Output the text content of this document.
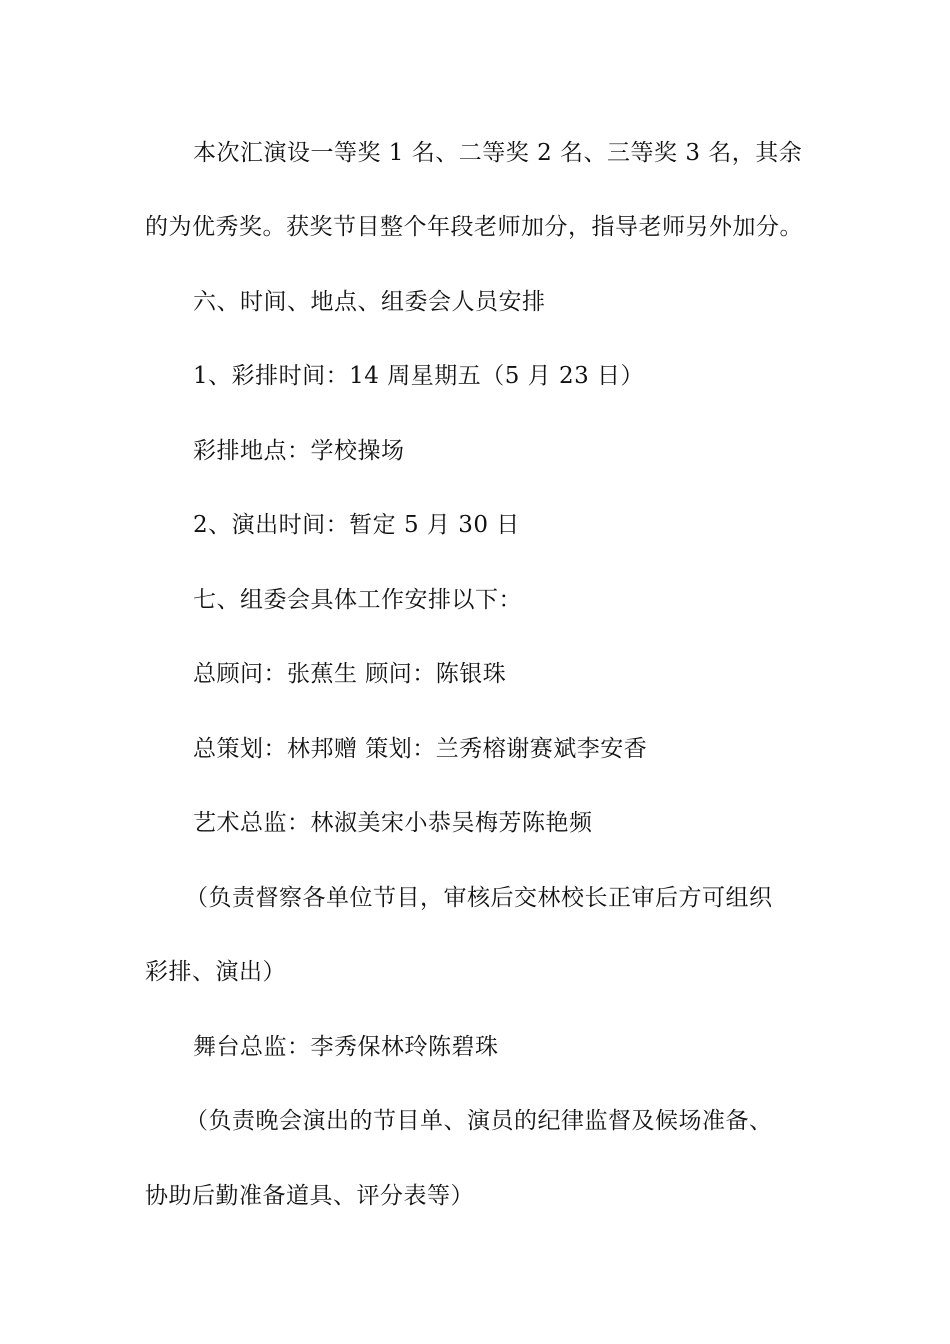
本次汇演设一等奖 1 名、二等奖 2 名、三等奖 3 名，其余
的为优秀奖。获奖节目整个年段老师加分，指导老师另外加分。
六、时间、地点、组委会人员安排
1、彩排时间：14 周星期五（5 月 23 日）
彩排地点：学校操场
2、演出时间：暂定 5 月 30 日
七、组委会具体工作安排以下：
总顾问：张蕉生 顾问：陈银珠
总策划：林邦赠 策划：兰秀榕谢赛斌李安香
艺术总监：林淑美宋小恭吴梅芳陈艳频
（负责督察各单位节目，审核后交林校长正审后方可组织
彩排、演出）
舞台总监：李秀保林玲陈碧珠
（负责晚会演出的节目单、演员的纪律监督及候场准备、
协助后勤准备道具、评分表等）
